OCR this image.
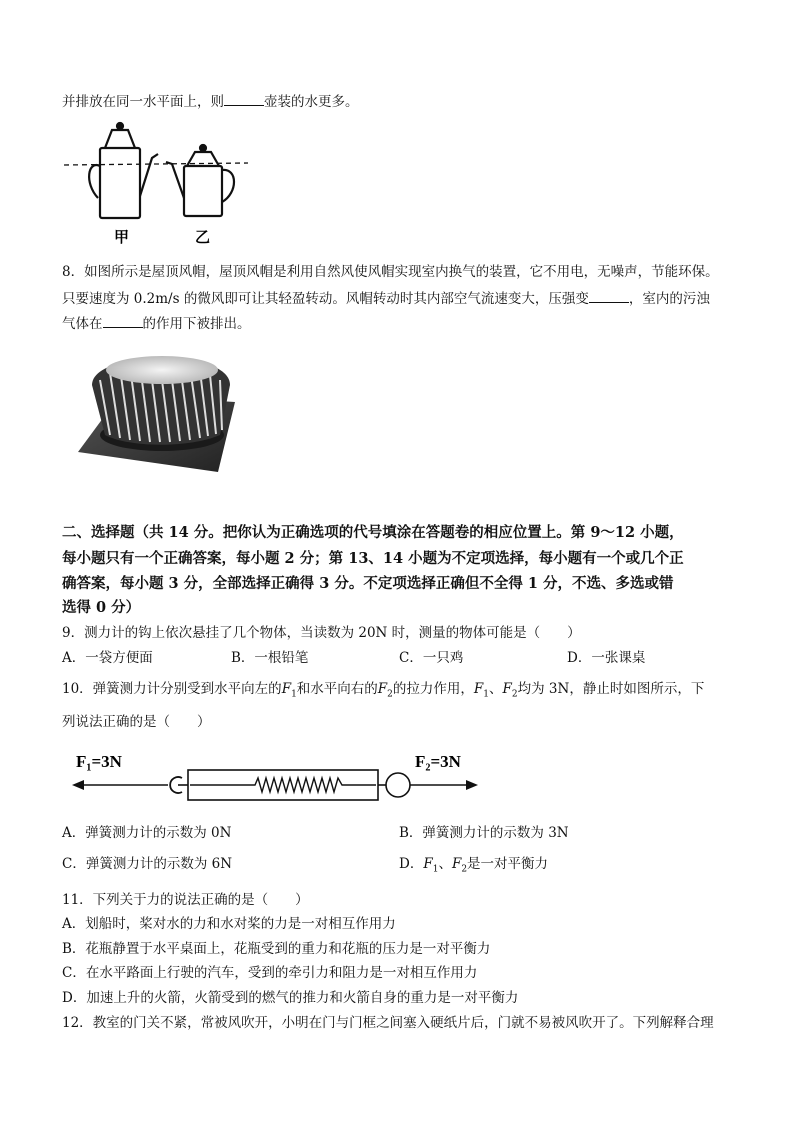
并排放在同一水平面上，则	壶装的水更多。
甲	乙
8．如图所示是屋顶风帽，屋顶风帽是利用自然风使风帽实现室内换气的装置，它不用电，无噪声，节能环保。
只要速度为 0.2m/s 的微风即可让其轻盈转动。风帽转动时其内部空气流速变大，压强变	，室内的污浊
气体在	的作用下被排出。
二、选择题（共 14 分。把你认为正确选项的代号填涂在答题卷的相应位置上。第 9～12 小题，
每小题只有一个正确答案，每小题 2 分；第 13、14 小题为不定项选择，每小题有一个或几个正
确答案，每小题 3 分，全部选择正确得 3 分。不定项选择正确但不全得 1 分，不选、多选或错
选得 0 分）
9．测力计的钩上依次悬挂了几个物体，当读数为 20N 时，测量的物体可能是（　　）
A．一袋方便面	B．一根铅笔	C．一只鸡	D．一张课桌
10．弹簧测力计分别受到水平向左的$F_1$和水平向右的$F_2$的拉力作用，$F_1$、$F_2$均为 3N，静止时如图所示，下
列说法正确的是（　　）
F₁=3N	F₂=3N
A．弹簧测力计的示数为 0N	B．弹簧测力计的示数为 3N
C．弹簧测力计的示数为 6N	D．$F_1$、$F_2$是一对平衡力
11．下列关于力的说法正确的是（　　）
A．划船时，桨对水的力和水对桨的力是一对相互作用力
B．花瓶静置于水平桌面上，花瓶受到的重力和花瓶的压力是一对平衡力
C．在水平路面上行驶的汽车，受到的牵引力和阻力是一对相互作用力
D．加速上升的火箭，火箭受到的燃气的推力和火箭自身的重力是一对平衡力
12．教室的门关不紧，常被风吹开，小明在门与门框之间塞入硬纸片后，门就不易被风吹开了。下列解释合理
